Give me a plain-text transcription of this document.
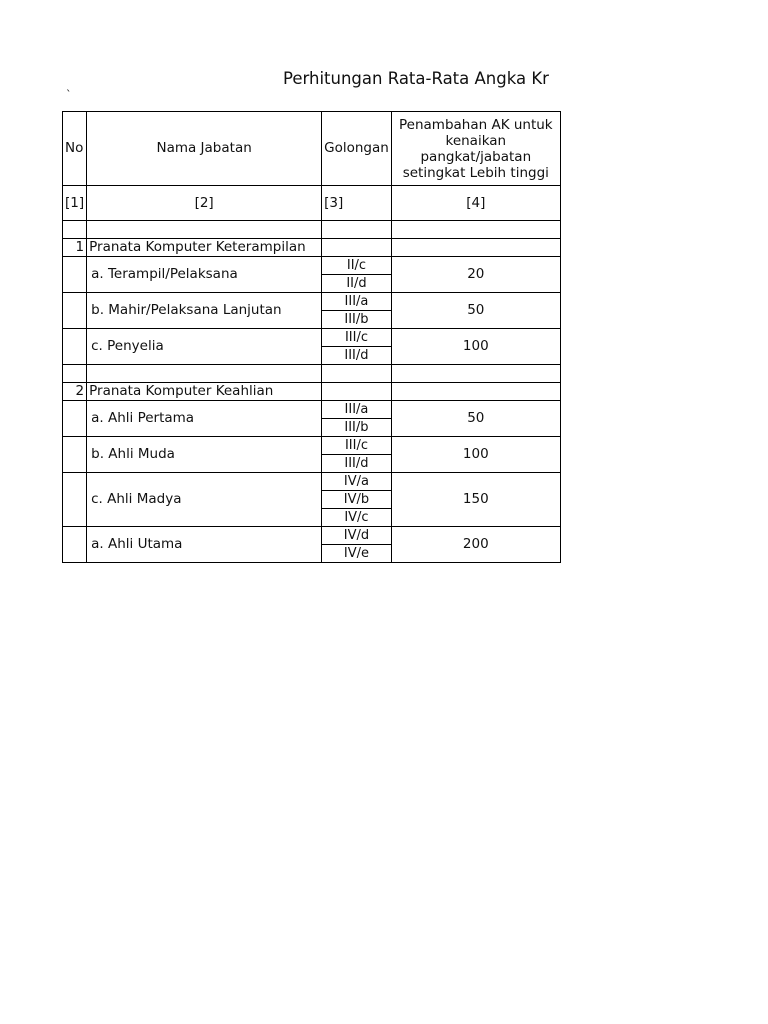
Perhitungan Rata-Rata Angka Kr
`
No	Nama Jabatan	Golongan	Penambahan AK untuk kenaikan pangkat/jabatan setingkat Lebih tinggi
[1]	[2]	[3]	[4]

1	Pranata Komputer Keterampilan		
	a. Terampil/Pelaksana	II/c	20
		II/d	
	b. Mahir/Pelaksana Lanjutan	III/a	50
		III/b	
	c. Penyelia	III/c	100
		III/d	

2	Pranata Komputer Keahlian		
	a. Ahli Pertama	III/a	50
		III/b	
	b. Ahli Muda	III/c	100
		III/d	
	c. Ahli Madya	IV/a	150
		IV/b	
		IV/c	
	a. Ahli Utama	IV/d	200
		IV/e	
